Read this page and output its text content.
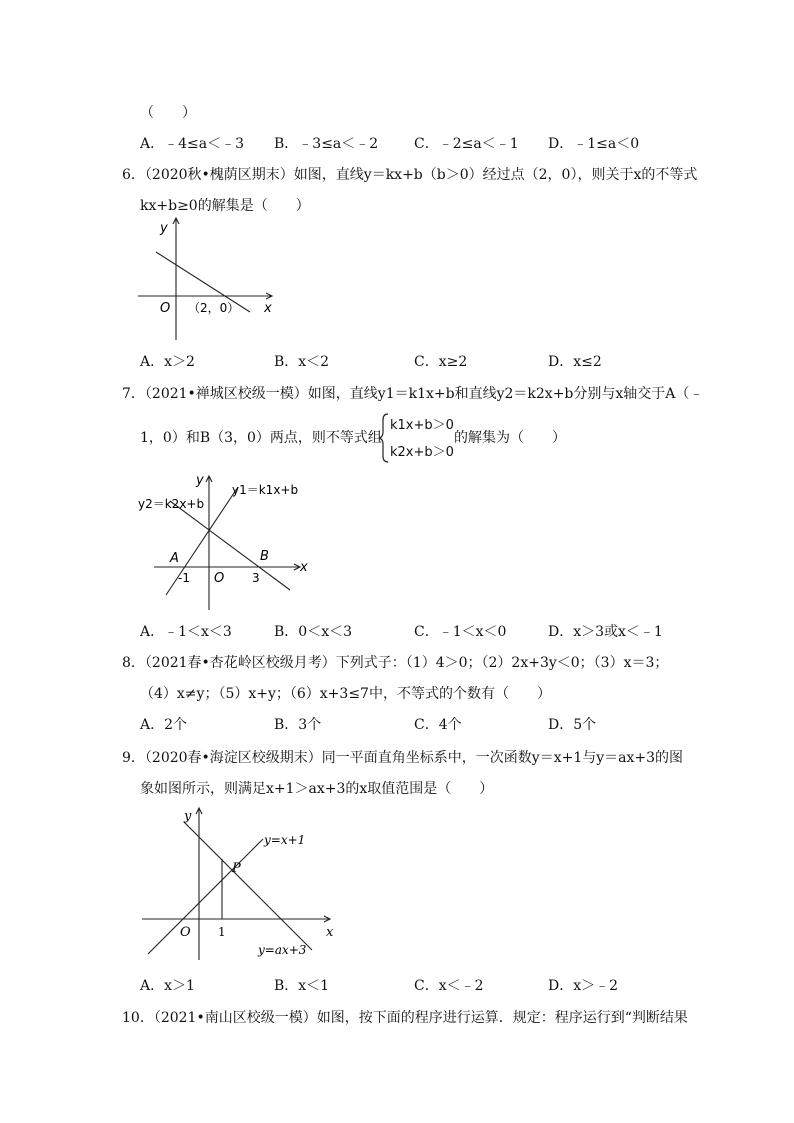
（　　）
A．﹣4≤a＜﹣3 B．﹣3≤a＜﹣2	C．﹣2≤a＜﹣1 D．﹣1≤a＜0
6．（2020秋•槐荫区期末）如图，直线y＝kx+b（b＞0）经过点（2，0），则关于x的不等式
kx+b≥0的解集是（　　）
y
x
O （2，0）
A．x＞2	B．x＜2	C．x≥2	D．x≤2
7．（2021•禅城区校级一模）如图，直线y1＝k1x+b和直线y2＝k2x+b分别与x轴交于A（﹣
1，0）和B（3，0）两点，则不等式组
k1x+b＞0
k2x+b＞0
的解集为（　　）
y
x
O
A	B
-1	3
y1＝k1x+b
y2＝k2x+b
A．﹣1＜x＜3	B．0＜x＜3	C．﹣1＜x＜0	D．x＞3或x＜﹣1
8．（2021春•杏花岭区校级月考）下列式子：（1）4＞0；（2）2x+3y＜0；（3）x＝3；
（4）x≠y；（5）x+y；（6）x+3≤7中，不等式的个数有（　　）
A．2个	B．3个	C．4个	D．5个
9．（2020春•海淀区校级期末）同一平面直角坐标系中，一次函数y＝x+1与y＝ax+3的图
象如图所示，则满足x+1＞ax+3的x取值范围是（　　）
y
x
O
P
1
y=x+1
y=ax+3
A．x＞1	B．x＜1	C．x＜﹣2	D．x＞﹣2
10．（2021•南山区校级一模）如图，按下面的程序进行运算．规定：程序运行到“判断结果
